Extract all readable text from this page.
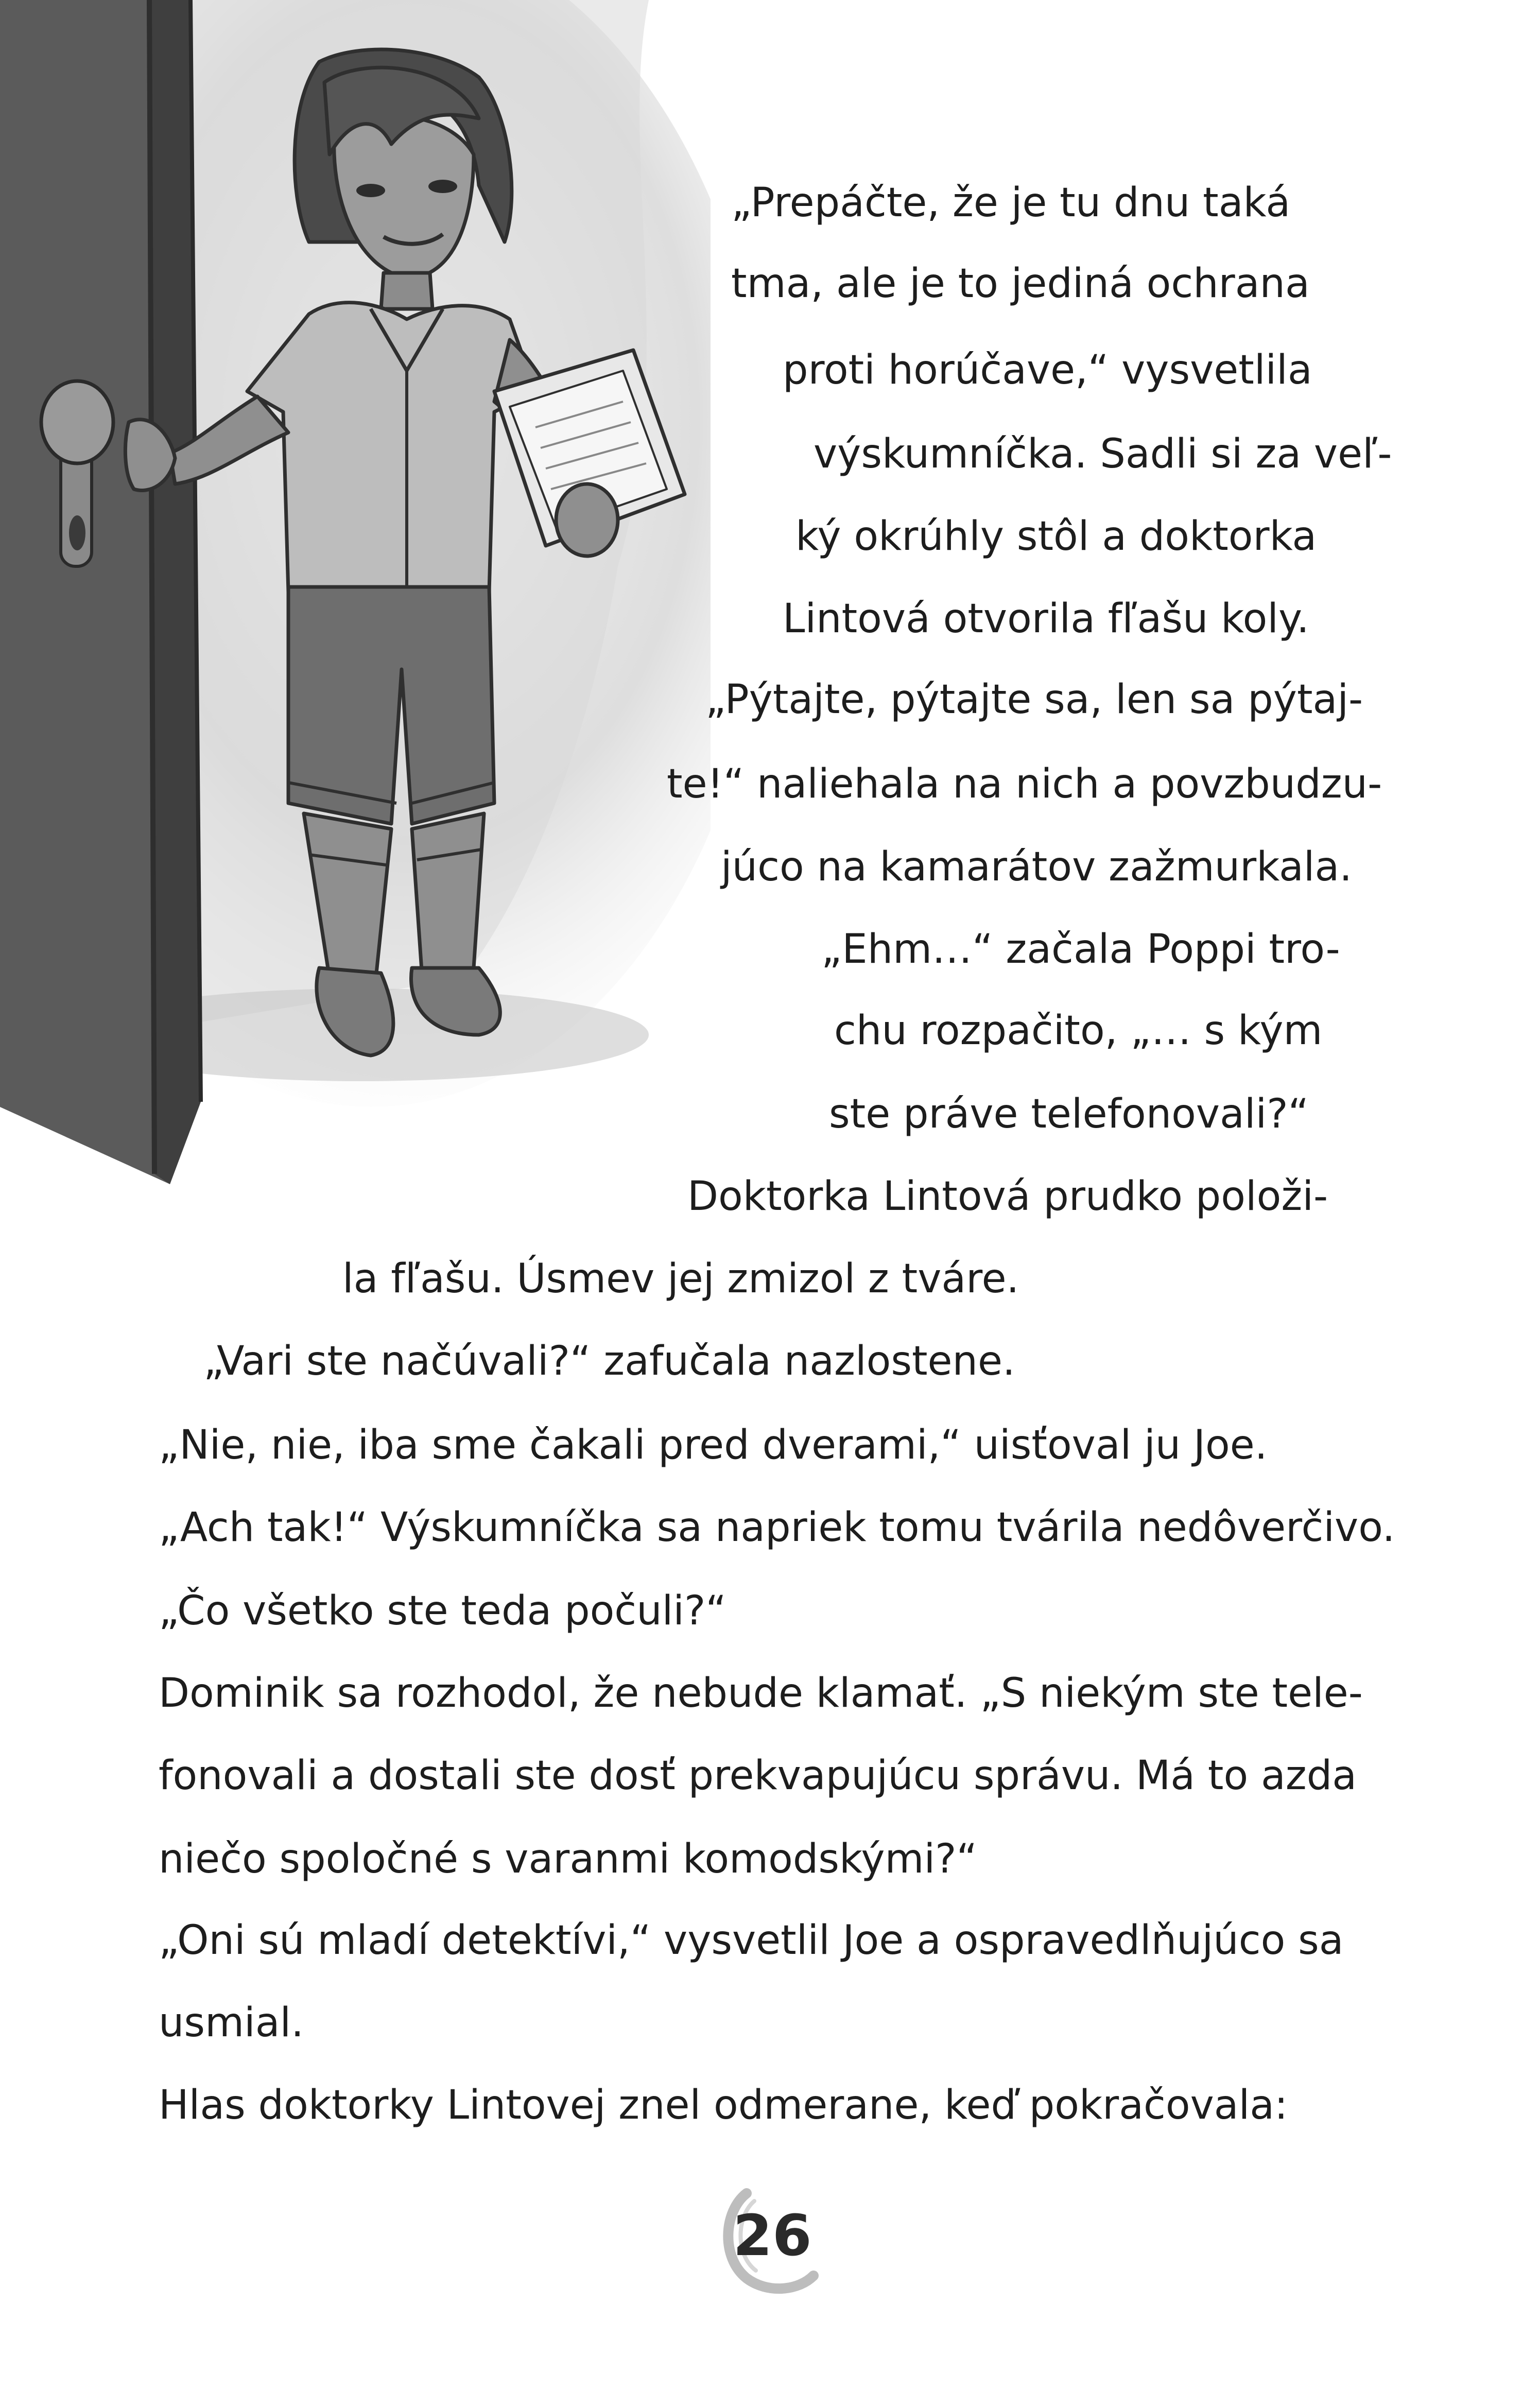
„Prepáčte, že je tu dnu taká

tma, ale je to jediná ochrana

proti horúčave,“ vysvetlila

výskumníčka. Sadli si za veľ-

ký okrúhly stôl a doktorka

Lintová otvorila fľašu koly.

„Pýtajte, pýtajte sa, len sa pýtaj-

te!“ naliehala na nich a povzbudzu-

júco na kamarátov zažmurkala.

„Ehm…“ začala Poppi tro-

chu rozpačito, „… s kým

ste práve telefonovali?“

Doktorka Lintová prudko položi-

la fľašu. Úsmev jej zmizol z tváre.

„Vari ste načúvali?“ zafučala nazlostene.

„Nie, nie, iba sme čakali pred dverami,“ uisťoval ju Joe.

„Ach tak!“ Výskumníčka sa napriek tomu tvárila nedôverčivo.

„Čo všetko ste teda počuli?“

Dominik sa rozhodol, že nebude klamať. „S niekým ste tele-

fonovali a dostali ste dosť prekvapujúcu správu. Má to azda

niečo spoločné s varanmi komodskými?“

„Oni sú mladí detektívi,“ vysvetlil Joe a ospravedlňujúco sa

usmial.

Hlas doktorky Lintovej znel odmerane, keď pokračovala:

26
